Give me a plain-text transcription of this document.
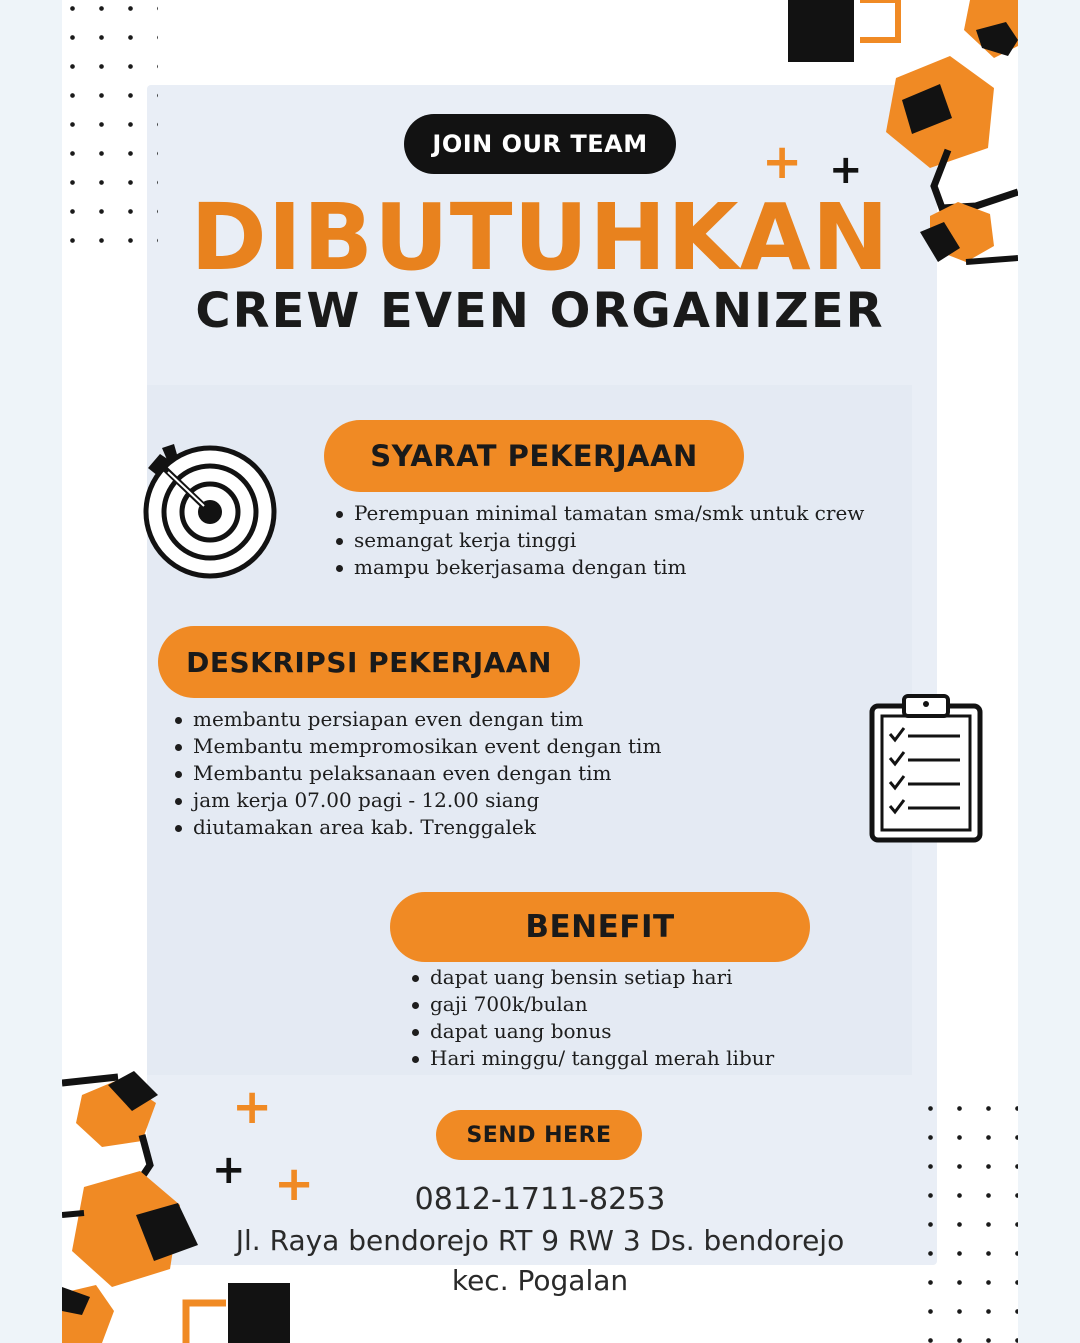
+ +
+
+ +
JOIN OUR TEAM
DIBUTUHKAN
CREW EVEN ORGANIZER
SYARAT PEKERJAAN
Perempuan minimal tamatan sma/smk untuk crew
semangat kerja tinggi
mampu bekerjasama dengan tim
DESKRIPSI PEKERJAAN
membantu persiapan even dengan tim
Membantu mempromosikan event dengan tim
Membantu pelaksanaan even dengan tim
jam kerja 07.00 pagi - 12.00 siang
diutamakan area kab. Trenggalek
BENEFIT
dapat uang bensin setiap hari
gaji 700k/bulan
dapat uang bonus
Hari minggu/ tanggal merah libur
SEND HERE
0812-1711-8253
Jl. Raya bendorejo RT 9 RW 3 Ds. bendorejo
kec. Pogalan
